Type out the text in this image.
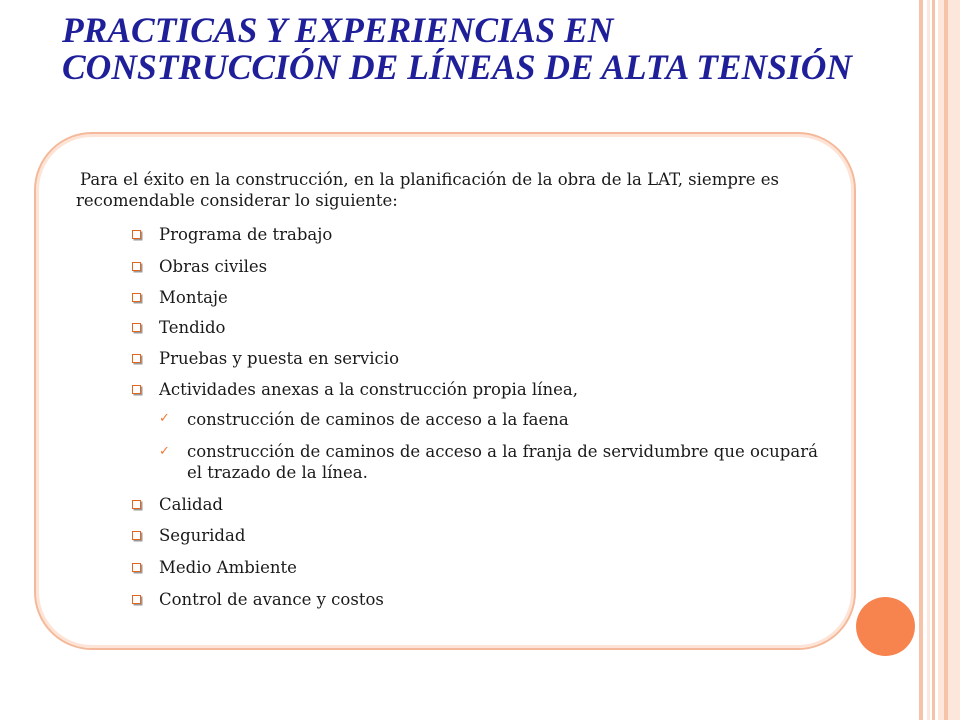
PRACTICAS Y EXPERIENCIAS EN CONSTRUCCIÓN DE LÍNEAS DE ALTA TENSIÓN

Para el éxito en la construcción, en la planificación de la obra de la LAT, siempre es recomendable considerar lo siguiente:

Programa de trabajo
Obras civiles
Montaje
Tendido
Pruebas y puesta en servicio
Actividades anexas a la construcción propia línea,
✓ construcción de caminos de acceso a la faena
✓ construcción de caminos de acceso a la franja de servidumbre que ocupará el trazado de la línea.
Calidad
Seguridad
Medio Ambiente
Control de avance y costos
